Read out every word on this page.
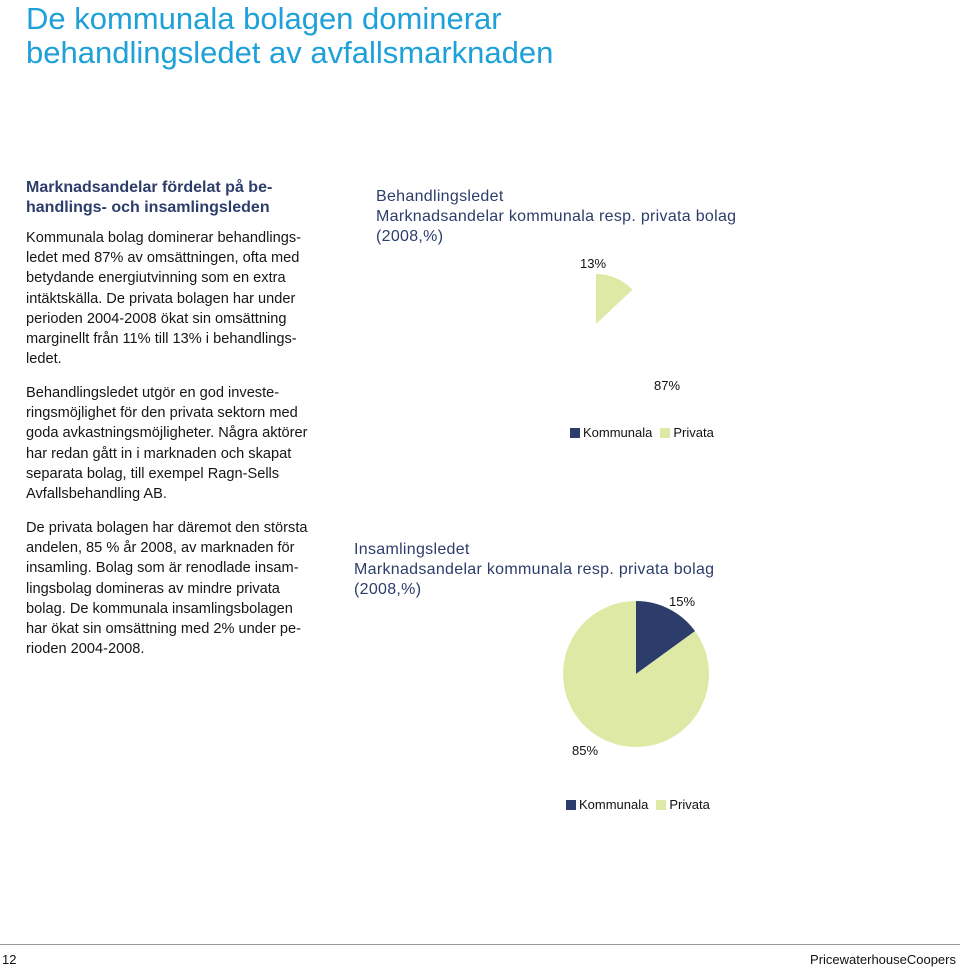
De kommunala bolagen dominerar
behandlingsledet av avfallsmarknaden
Marknadsandelar fördelat på be-
handlings- och insamlingsleden
Kommunala bolag dominerar behandlings-
ledet med 87% av omsättningen, ofta med
betydande energiutvinning som en extra
intäktskälla. De privata bolagen har under
perioden 2004-2008 ökat sin omsättning
marginellt från 11% till 13% i behandlings-
ledet.
Behandlingsledet utgör en god investe-
ringsmöjlighet för den privata sektorn med
goda avkastningsmöjligheter. Några aktörer
har redan gått in i marknaden och skapat
separata bolag, till exempel Ragn-Sells
Avfallsbehandling AB.
De privata bolagen har däremot den största
andelen, 85 % år 2008, av marknaden för
insamling. Bolag som är renodlade insam-
lingsbolag domineras av mindre privata
bolag. De kommunala insamlingsbolagen
har ökat sin omsättning med 2% under pe-
rioden 2004-2008.
Behandlingsledet
Marknadsandelar kommunala resp. privata bolag
(2008,%)
13%
87%
Kommunala Privata
Insamlingsledet
Marknadsandelar kommunala resp. privata bolag
(2008,%)
15%
85%
Kommunala Privata
12	PricewaterhouseCoopers
